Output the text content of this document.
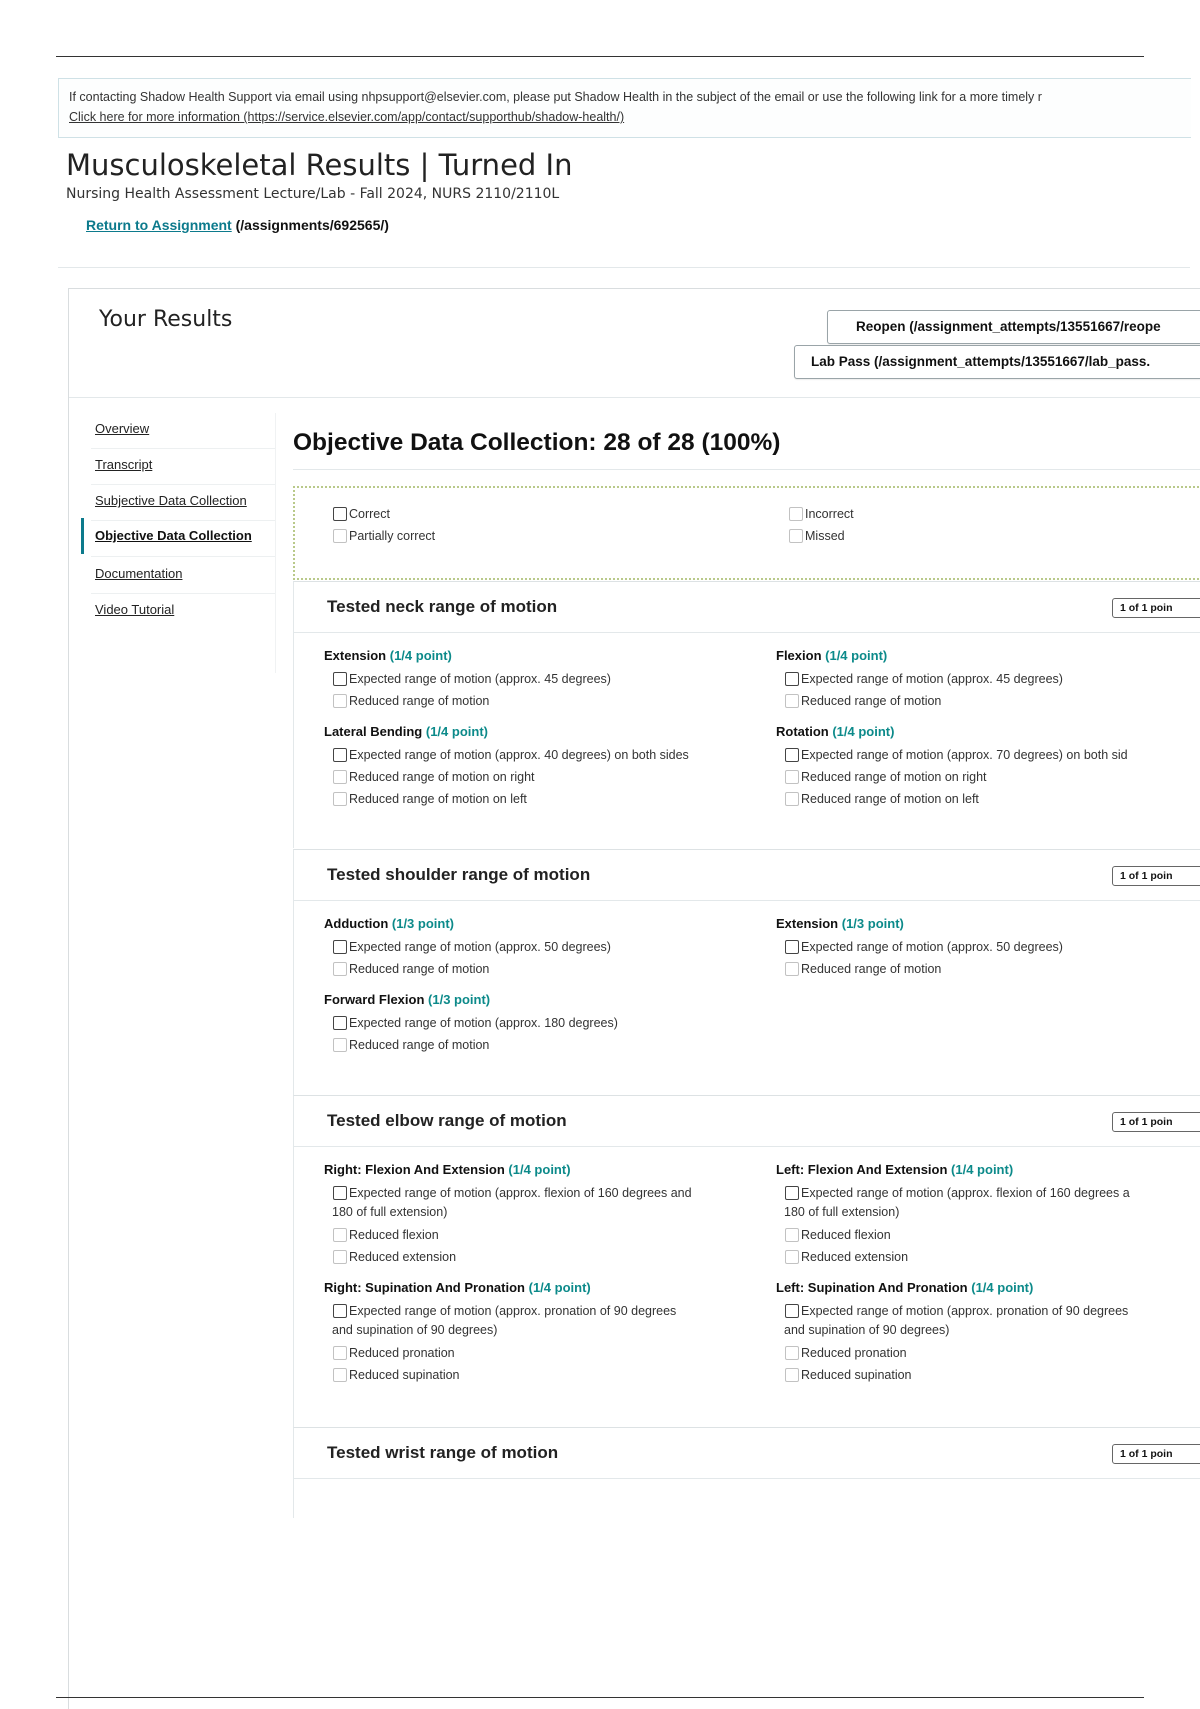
If contacting Shadow Health Support via email using nhpsupport@elsevier.com, please put Shadow Health in the subject of the email or use the following link for a more timely r
Click here for more information (https://service.elsevier.com/app/contact/supporthub/shadow-health/)
Musculoskeletal Results | Turned In
Nursing Health Assessment Lecture/Lab - Fall 2024, NURS 2110/2110L
Return to Assignment (/assignments/692565/)
Your Results	Reopen (/assignment_attempts/13551667/reope
Lab Pass (/assignment_attempts/13551667/lab_pass.
Overview
Transcript
Subjective Data Collection
Objective Data Collection
Documentation
Video Tutorial
Objective Data Collection: 28 of 28 (100%)
Correct
Partially correct
Incorrect
Missed
Tested neck range of motion	1 of 1 poin
Extension (1/4 point)
Expected range of motion (approx. 45 degrees)
Reduced range of motion
Flexion (1/4 point)
Expected range of motion (approx. 45 degrees)
Reduced range of motion
Lateral Bending (1/4 point)
Expected range of motion (approx. 40 degrees) on both sides
Reduced range of motion on right
Reduced range of motion on left
Rotation (1/4 point)
Expected range of motion (approx. 70 degrees) on both sid
Reduced range of motion on right
Reduced range of motion on left
Tested shoulder range of motion	1 of 1 poin
Adduction (1/3 point)
Expected range of motion (approx. 50 degrees)
Reduced range of motion
Extension (1/3 point)
Expected range of motion (approx. 50 degrees)
Reduced range of motion
Forward Flexion (1/3 point)
Expected range of motion (approx. 180 degrees)
Reduced range of motion
Tested elbow range of motion	1 of 1 poin
Right: Flexion And Extension (1/4 point)
Expected range of motion (approx. flexion of 160 degrees and
180 of full extension)
Reduced flexion
Reduced extension
Left: Flexion And Extension (1/4 point)
Expected range of motion (approx. flexion of 160 degrees a
180 of full extension)
Reduced flexion
Reduced extension
Right: Supination And Pronation (1/4 point)
Expected range of motion (approx. pronation of 90 degrees
and supination of 90 degrees)
Reduced pronation
Reduced supination
Left: Supination And Pronation (1/4 point)
Expected range of motion (approx. pronation of 90 degrees
and supination of 90 degrees)
Reduced pronation
Reduced supination
Tested wrist range of motion	1 of 1 poin
